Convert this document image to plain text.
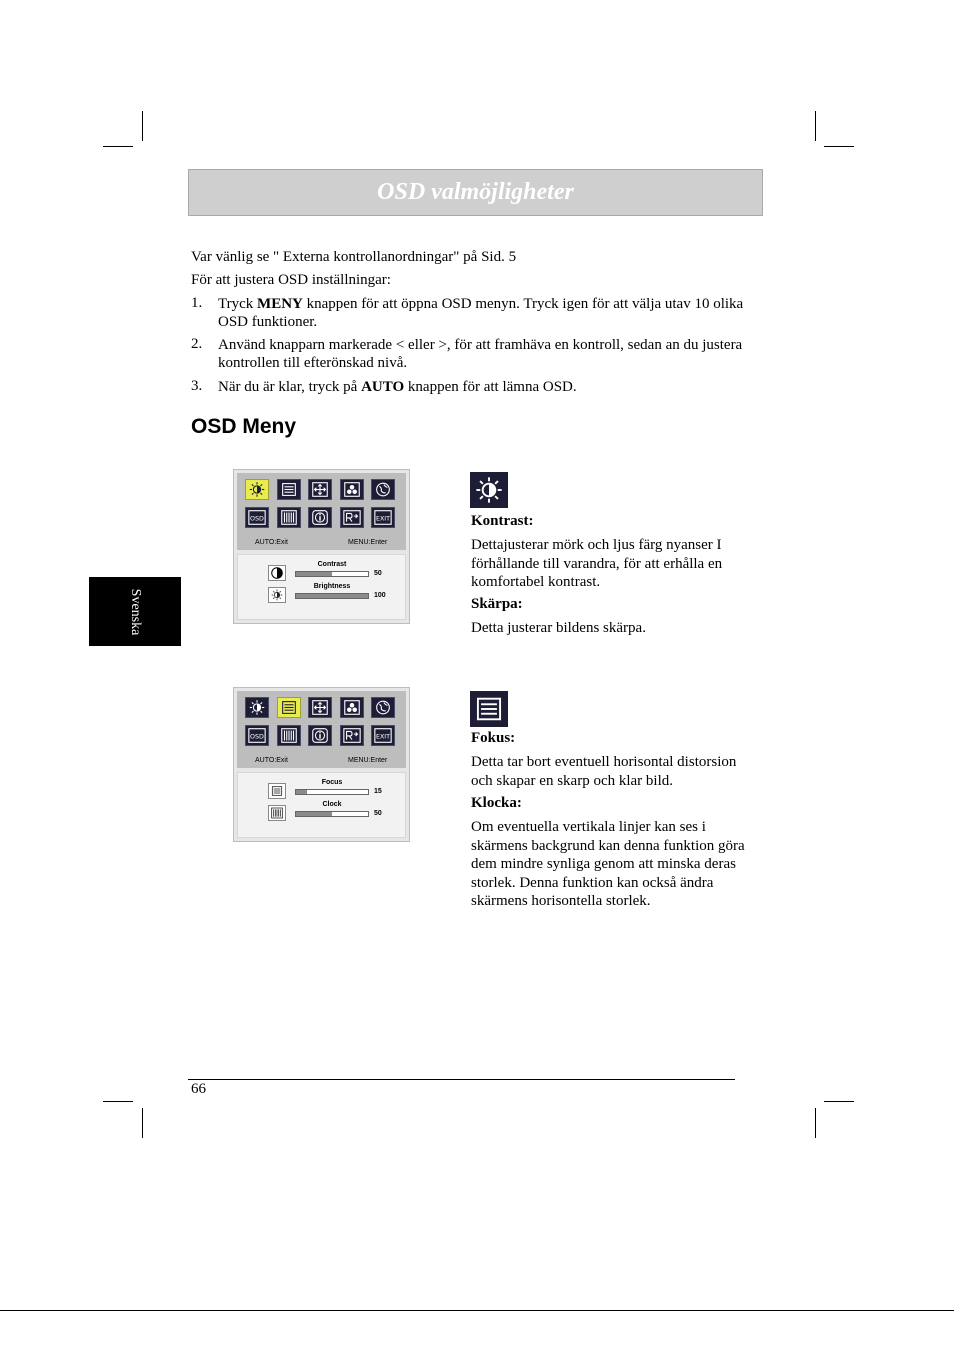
OSD valmöjligheter
Var vänlig se " Externa kontrollanordningar" på Sid. 5
För att justera OSD inställningar:
1. Tryck MENY knappen för att öppna OSD menyn. Tryck igen för att välja utav 10 olika OSD funktioner.
2. Använd knapparn markerade < eller >, för att framhäva en kontroll, sedan an du justera kontrollen till efterönskad nivå.
3. När du är klar, tryck på AUTO knappen för att lämna OSD.
OSD Meny
Svenska
OSD	EXIT
AUTO:Exit	MENU:Enter
Contrast
50
Brightness
100
OSD	EXIT
AUTO:Exit	MENU:Enter
Focus
15
Clock
50
Kontrast:
Dettajusterar mörk och ljus färg nyanser I förhållande till varandra, för att erhålla en komfortabel kontrast.
Skärpa:
Detta justerar bildens skärpa.
Fokus:
Detta tar bort eventuell horisontal distorsion och skapar en skarp och klar bild.
Klocka:
Om eventuella vertikala linjer kan ses i skärmens backgrund kan denna funktion göra dem mindre synliga genom att minska deras storlek. Denna funktion kan också ändra skärmens horisontella storlek.
66
